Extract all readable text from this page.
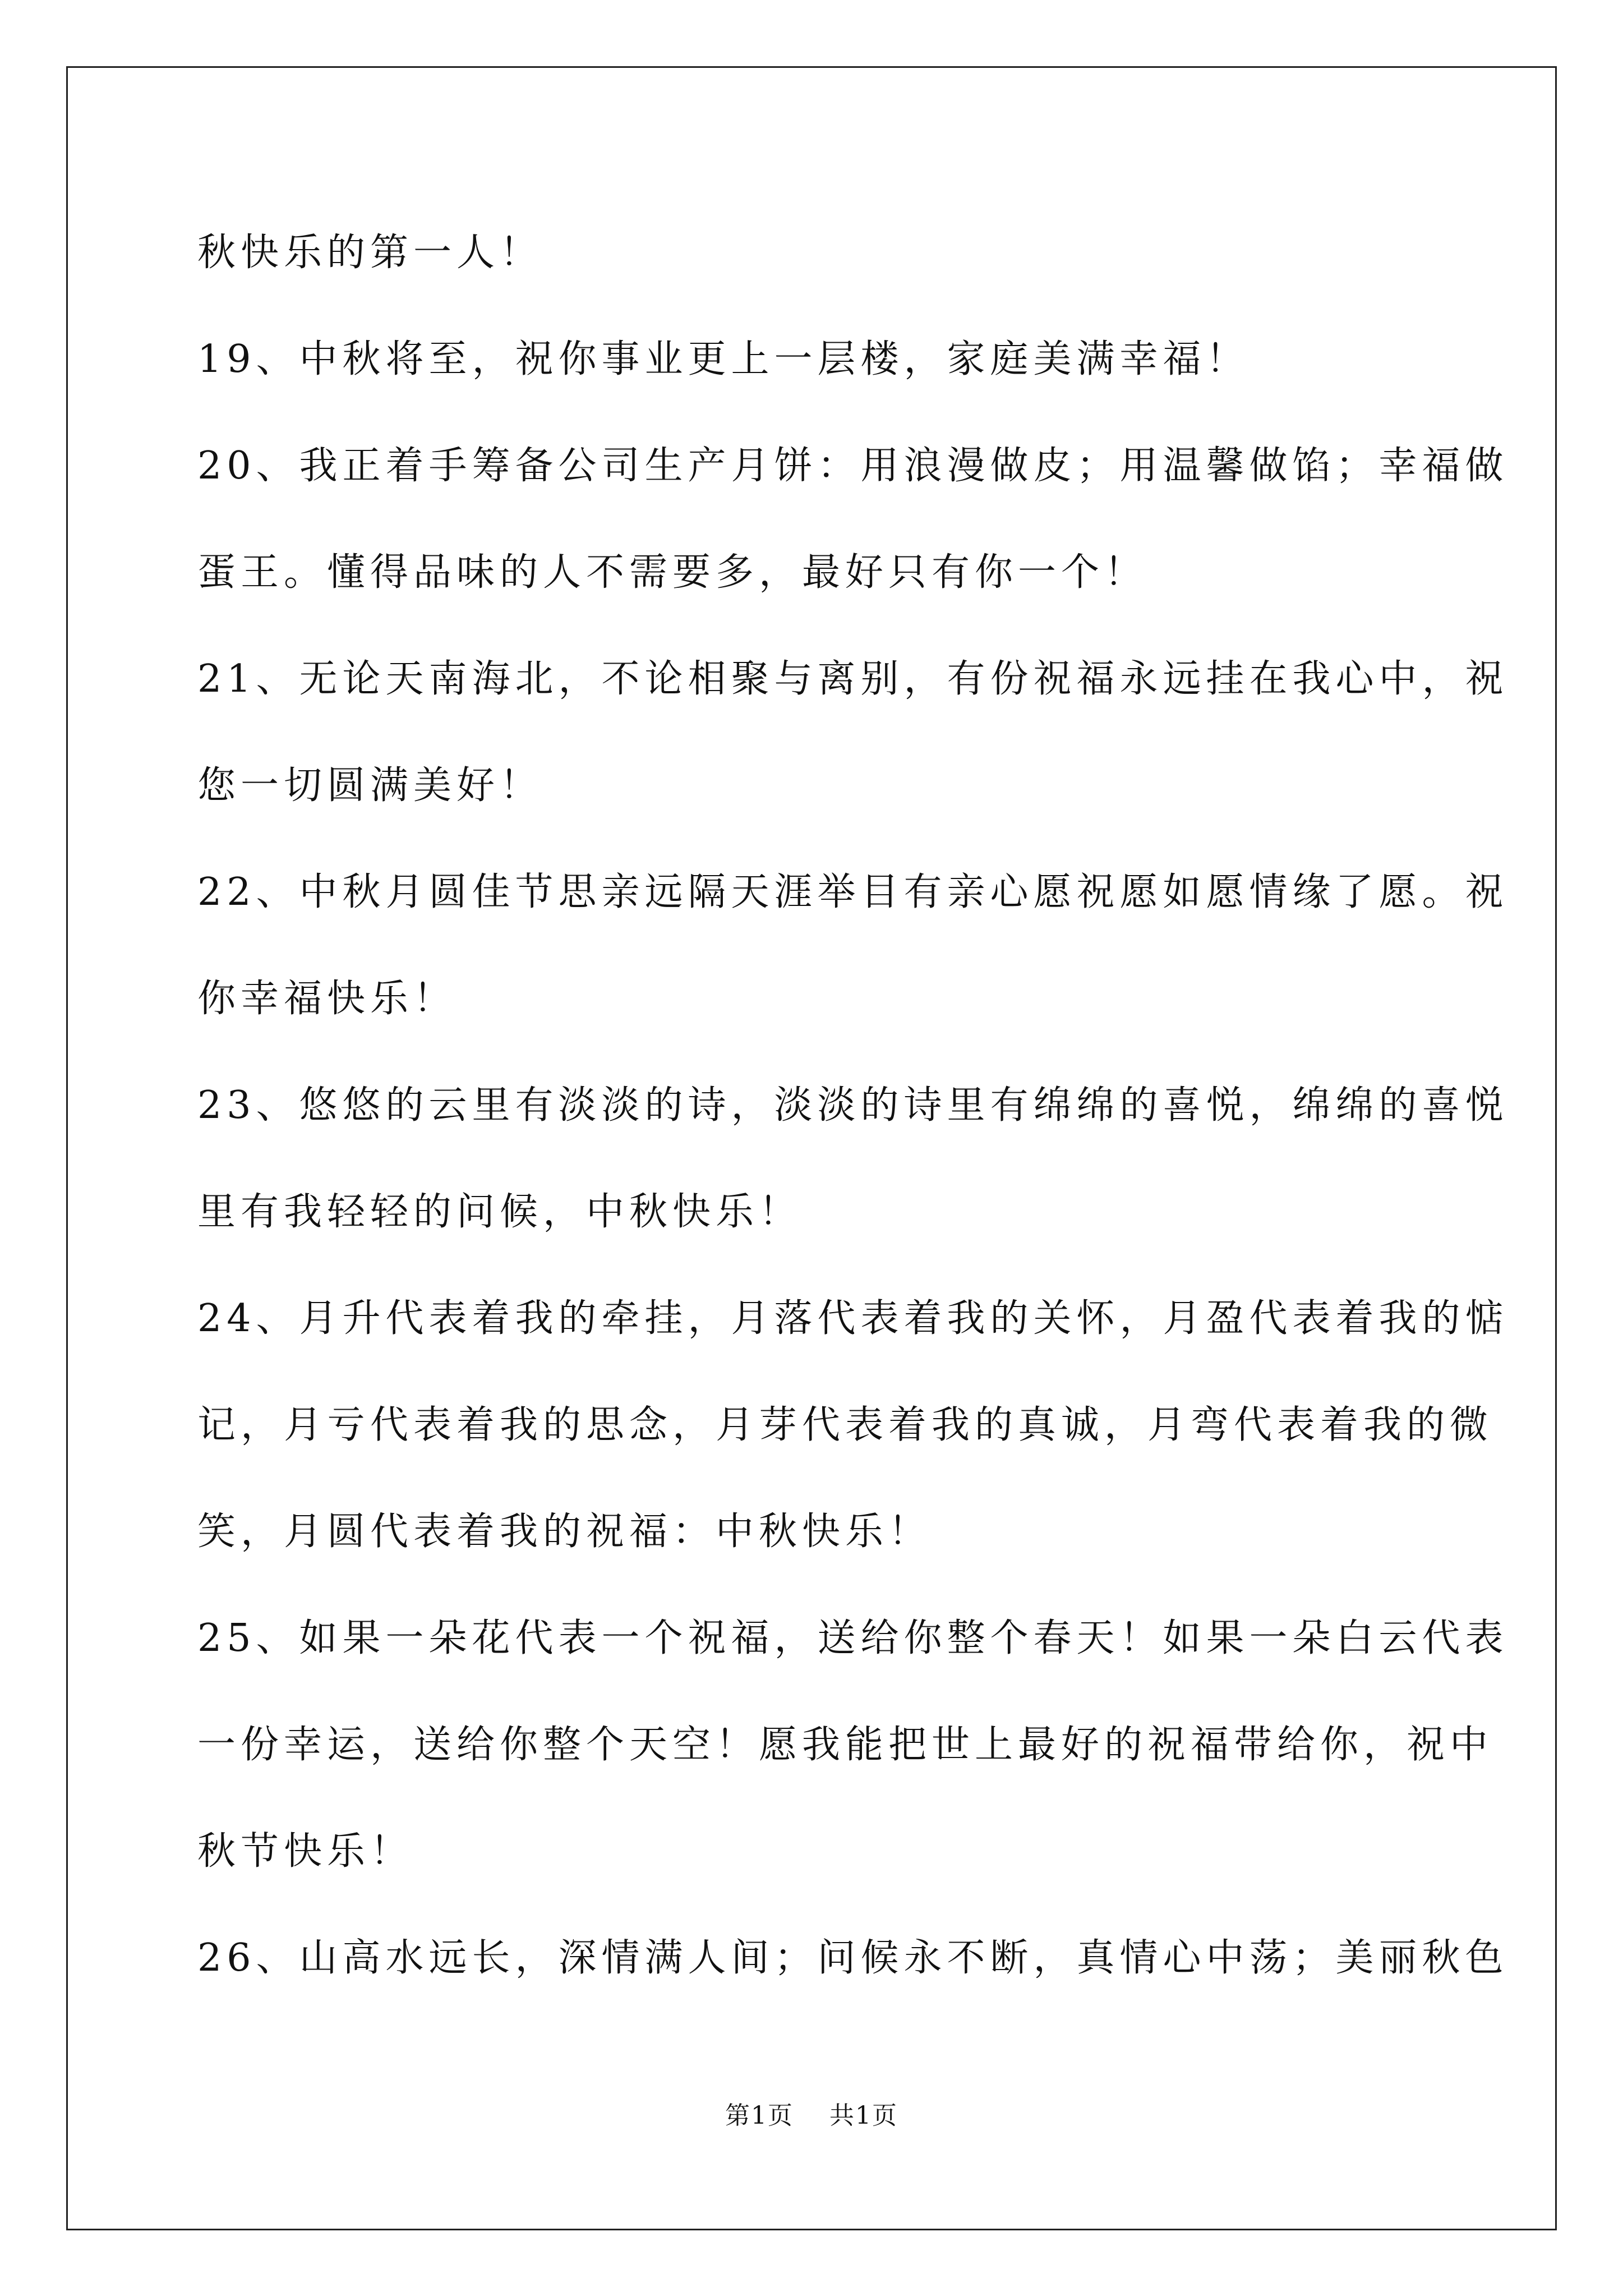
秋快乐的第一人！
19、中秋将至，祝你事业更上一层楼，家庭美满幸福！
20、我正着手筹备公司生产月饼：用浪漫做皮；用温馨做馅；幸福做
蛋王。懂得品味的人不需要多，最好只有你一个！
21、无论天南海北，不论相聚与离别，有份祝福永远挂在我心中，祝
您一切圆满美好！
22、中秋月圆佳节思亲远隔天涯举目有亲心愿祝愿如愿情缘了愿。祝
你幸福快乐！
23、悠悠的云里有淡淡的诗，淡淡的诗里有绵绵的喜悦，绵绵的喜悦
里有我轻轻的问候，中秋快乐！
24、月升代表着我的牵挂，月落代表着我的关怀，月盈代表着我的惦
记，月亏代表着我的思念，月芽代表着我的真诚，月弯代表着我的微
笑，月圆代表着我的祝福：中秋快乐！
25、如果一朵花代表一个祝福，送给你整个春天！如果一朵白云代表
一份幸运，送给你整个天空！愿我能把世上最好的祝福带给你，祝中
秋节快乐！
26、山高水远长，深情满人间；问候永不断，真情心中荡；美丽秋色
第1页 共1页
